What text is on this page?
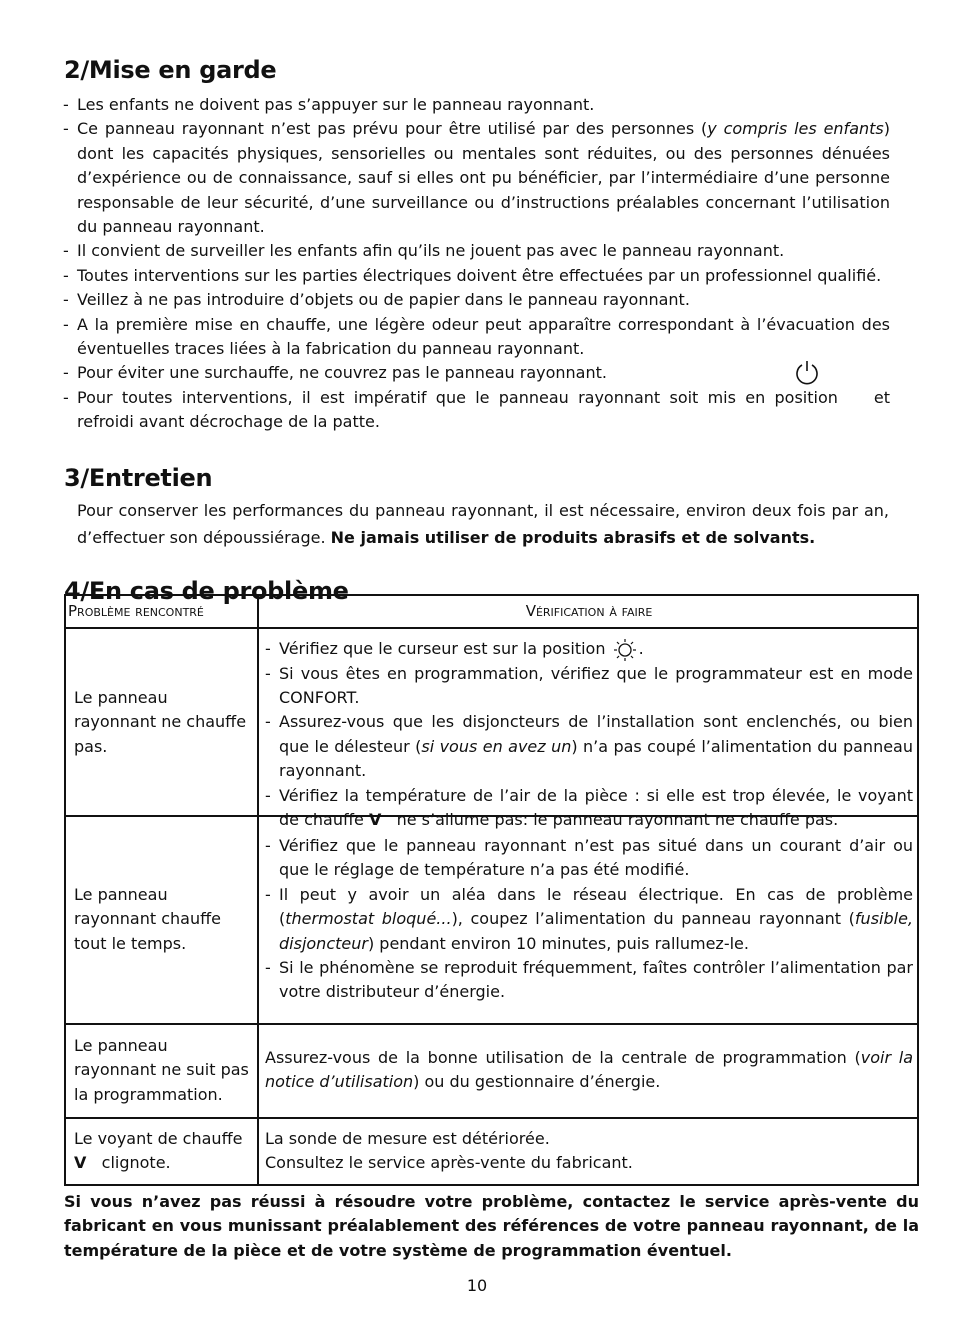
2/Mise en garde
- Les enfants ne doivent pas s’appuyer sur le panneau rayonnant.
- Ce panneau rayonnant n’est pas prévu pour être utilisé par des personnes (y compris les enfants) dont les capacités physiques, sensorielles ou mentales sont réduites, ou des personnes dénuées d’expérience ou de connaissance, sauf si elles ont pu bénéficier, par l’intermédiaire d’une personne responsable de leur sécurité, d’une surveillance ou d’instructions préalables concernant l’utilisation du panneau rayonnant.
- Il convient de surveiller les enfants afin qu’ils ne jouent pas avec le panneau rayonnant.
- Toutes interventions sur les parties électriques doivent être effectuées par un professionnel qualifié.
- Veillez à ne pas introduire d’objets ou de papier dans le panneau rayonnant.
- A la première mise en chauffe, une légère odeur peut apparaître correspondant à l’évacuation des éventuelles traces liées à la fabrication du panneau rayonnant.
- Pour éviter une surchauffe, ne couvrez pas le panneau rayonnant.
- Pour toutes interventions, il est impératif que le panneau rayonnant soit mis en position et refroidi avant décrochage de la patte.
3/Entretien

Pour conserver les performances du panneau rayonnant, il est nécessaire, environ deux fois par an, d’effectuer son dépoussiérage. Ne jamais utiliser de produits abrasifs et de solvants.

4/En cas de problème
Problème rencontré	Vérification à faire
Le panneau rayonnant ne chauffe pas.
- Vérifiez que le curseur est sur la position .
- Si vous êtes en programmation, vérifiez que le programmateur est en mode CONFORT.
- Assurez-vous que les disjoncteurs de l’installation sont enclenchés, ou bien que le délesteur (si vous en avez un) n’a pas coupé l’alimentation du panneau rayonnant.
- Vérifiez la température de l’air de la pièce : si elle est trop élevée, le voyant de chauffe V ne s’allume pas: le panneau rayonnant ne chauffe pas.
Le panneau rayonnant chauffe tout le temps.
- Vérifiez que le panneau rayonnant n’est pas situé dans un courant d’air ou que le réglage de température n’a pas été modifié.
- Il peut y avoir un aléa dans le réseau électrique. En cas de problème (thermostat bloqué...), coupez l’alimentation du panneau rayonnant (fusible, disjoncteur) pendant environ 10 minutes, puis rallumez-le.
- Si le phénomène se reproduit fréquemment, faîtes contrôler l’alimentation par votre distributeur d’énergie.
Le panneau rayonnant ne suit pas la programmation.
Assurez-vous de la bonne utilisation de la centrale de programmation (voir la notice d’utilisation) ou du gestionnaire d’énergie.
Le voyant de chauffe
V clignote.
La sonde de mesure est détériorée.
Consultez le service après-vente du fabricant.

Si vous n’avez pas réussi à résoudre votre problème, contactez le service après-vente du fabricant en vous munissant préalablement des références de votre panneau rayonnant, de la température de la pièce et de votre système de programmation éventuel.

10
